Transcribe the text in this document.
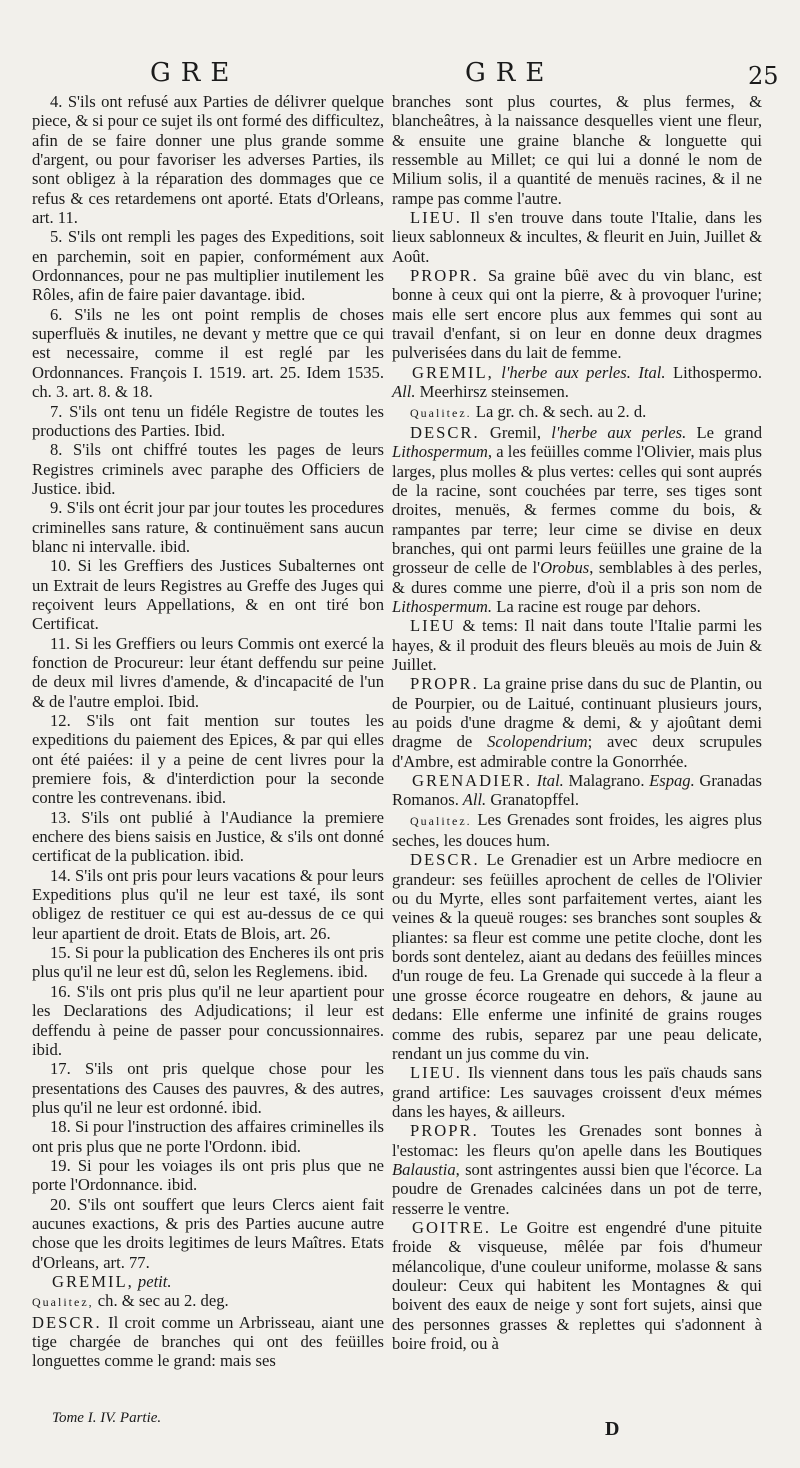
GRE	GRE	25

4. S'ils ont refusé aux Parties de délivrer quelque piece, & si pour ce sujet ils ont formé des difficultez, afin de se faire donner une plus grande somme d'argent, ou pour favoriser les adverses Parties, ils sont obligez à la réparation des dommages que ce refus & ces retardemens ont aporté. Etats d'Orleans, art. 11.

5. S'ils ont rempli les pages des Expeditions, soit en parchemin, soit en papier, conformément aux Ordonnances, pour ne pas multiplier inutilement les Rôles, afin de faire paier davantage. ibid.

6. S'ils ne les ont point remplis de choses superfluës & inutiles, ne devant y mettre que ce qui est necessaire, comme il est reglé par les Ordonnances. François I. 1519. art. 25. Idem 1535. ch. 3. art. 8. & 18.

7. S'ils ont tenu un fidéle Registre de toutes les productions des Parties. Ibid.

8. S'ils ont chiffré toutes les pages de leurs Registres criminels avec paraphe des Officiers de Justice. ibid.

9. S'ils ont écrit jour par jour toutes les procedures criminelles sans rature, & continuëment sans aucun blanc ni intervalle. ibid.

10. Si les Greffiers des Justices Subalternes ont un Extrait de leurs Registres au Greffe des Juges qui reçoivent leurs Appellations, & en ont tiré bon Certificat.

11. Si les Greffiers ou leurs Commis ont exercé la fonction de Procureur: leur étant deffendu sur peine de deux mil livres d'amende, & d'incapacité de l'un & de l'autre emploi. Ibid.

12. S'ils ont fait mention sur toutes les expeditions du paiement des Epices, & par qui elles ont été paiées: il y a peine de cent livres pour la premiere fois, & d'interdiction pour la seconde contre les contrevenans. ibid.

13. S'ils ont publié à l'Audiance la premiere enchere des biens saisis en Justice, & s'ils ont donné certificat de la publication. ibid.

14. S'ils ont pris pour leurs vacations & pour leurs Expeditions plus qu'il ne leur est taxé, ils sont obligez de restituer ce qui est au-dessus de ce qui leur apartient de droit. Etats de Blois, art. 26.

15. Si pour la publication des Encheres ils ont pris plus qu'il ne leur est dû, selon les Reglemens. ibid.

16. S'ils ont pris plus qu'il ne leur apartient pour les Declarations des Adjudications; il leur est deffendu à peine de passer pour concussionnaires. ibid.

17. S'ils ont pris quelque chose pour les presentations des Causes des pauvres, & des autres, plus qu'il ne leur est ordonné. ibid.

18. Si pour l'instruction des affaires criminelles ils ont pris plus que ne porte l'Ordonn. ibid.

19. Si pour les voiages ils ont pris plus que ne porte l'Ordonnance. ibid.

20. S'ils ont souffert que leurs Clercs aient fait aucunes exactions, & pris des Parties aucune autre chose que les droits legitimes de leurs Maîtres. Etats d'Orleans, art. 77.

GREMIL, petit.
Qualitez, ch. & sec au 2. deg.
DESCR. Il croit comme un Arbrisseau, aiant une tige chargée de branches qui ont des feüilles longuettes comme le grand: mais ses

branches sont plus courtes, & plus fermes, & blancheâtres, à la naissance desquelles vient une fleur, & ensuite une graine blanche & longuette qui ressemble au Millet; ce qui lui a donné le nom de Milium solis, il a quantité de menuës racines, & il ne rampe pas comme l'autre.

LIEU. Il s'en trouve dans toute l'Italie, dans les lieux sablonneux & incultes, & fleurit en Juin, Juillet & Août.

PROPR. Sa graine bûë avec du vin blanc, est bonne à ceux qui ont la pierre, & à provoquer l'urine; mais elle sert encore plus aux femmes qui sont au travail d'enfant, si on leur en donne deux dragmes pulverisées dans du lait de femme.

GREMIL, l'herbe aux perles. Ital. Lithospermo. All. Meerhirsz steinsemen.

Qualitez. La gr. ch. & sech. au 2. d.

DESCR. Gremil, l'herbe aux perles. Le grand Lithospermum, a les feüilles comme l'Olivier, mais plus larges, plus molles & plus vertes: celles qui sont auprés de la racine, sont couchées par terre, ses tiges sont droites, menuës, & fermes comme du bois, & rampantes par terre; leur cime se divise en deux branches, qui ont parmi leurs feüilles une graine de la grosseur de celle de l'Orobus, semblables à des perles, & dures comme une pierre, d'où il a pris son nom de Lithospermum. La racine est rouge par dehors.

LIEU & tems: Il nait dans toute l'Italie parmi les hayes, & il produit des fleurs bleuës au mois de Juin & Juillet.

PROPR. La graine prise dans du suc de Plantin, ou de Pourpier, ou de Laitué, continuant plusieurs jours, au poids d'une dragme & demi, & y ajoûtant demi dragme de Scolopendrium; avec deux scrupules d'Ambre, est admirable contre la Gonorrhée.

GRENADIER. Ital. Malagrano. Espag. Granadas Romanos. All. Granatopffel.

Qualitez. Les Grenades sont froides, les aigres plus seches, les douces hum.

DESCR. Le Grenadier est un Arbre mediocre en grandeur: ses feüilles aprochent de celles de l'Olivier ou du Myrte, elles sont parfaitement vertes, aiant les veines & la queuë rouges: ses branches sont souples & pliantes: sa fleur est comme une petite cloche, dont les bords sont dentelez, aiant au dedans des feüilles minces d'un rouge de feu. La Grenade qui succede à la fleur a une grosse écorce rougeatre en dehors, & jaune au dedans: Elle enferme une infinité de grains rouges comme des rubis, separez par une peau delicate, rendant un jus comme du vin.

LIEU. Ils viennent dans tous les païs chauds sans grand artifice: Les sauvages croissent d'eux mémes dans les hayes, & ailleurs.

PROPR. Toutes les Grenades sont bonnes à l'estomac: les fleurs qu'on apelle dans les Boutiques Balaustia, sont astringentes aussi bien que l'écorce. La poudre de Grenades calcinées dans un pot de terre, resserre le ventre.

GOITRE. Le Goitre est engendré d'une pituite froide & visqueuse, mêlée par fois d'humeur mélancolique, d'une couleur uniforme, molasse & sans douleur: Ceux qui habitent les Montagnes & qui boivent des eaux de neige y sont fort sujets, ainsi que des personnes grasses & replettes qui s'adonnent à boire froid, ou à

Tome I. IV. Partie.	D
